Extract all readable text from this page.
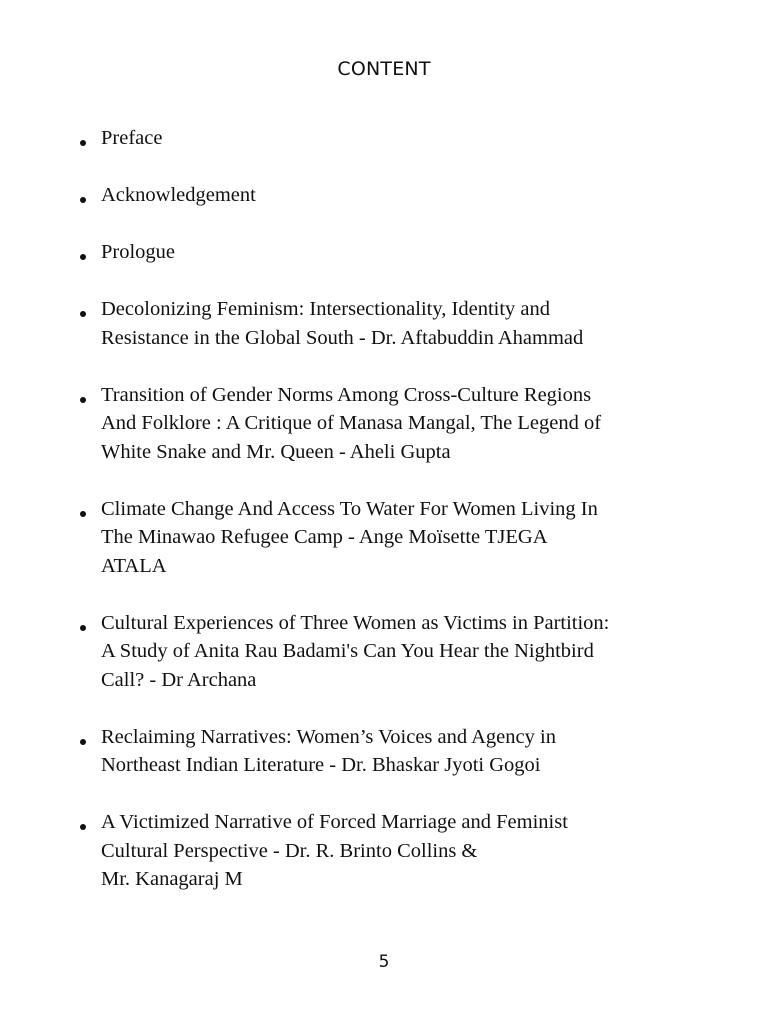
CONTENT
Preface
Acknowledgement
Prologue
Decolonizing Feminism: Intersectionality, Identity and
Resistance in the Global South - Dr. Aftabuddin Ahammad
Transition of Gender Norms Among Cross-Culture Regions
And Folklore : A Critique of Manasa Mangal, The Legend of
White Snake and Mr. Queen - Aheli Gupta
Climate Change And Access To Water For Women Living In
The Minawao Refugee Camp - Ange Moïsette TJEGA
ATALA
Cultural Experiences of Three Women as Victims in Partition:
A Study of Anita Rau Badami's Can You Hear the Nightbird
Call? - Dr Archana
Reclaiming Narratives: Women’s Voices and Agency in
Northeast Indian Literature - Dr. Bhaskar Jyoti Gogoi
A Victimized Narrative of Forced Marriage and Feminist
Cultural Perspective - Dr. R. Brinto Collins &
Mr. Kanagaraj M
5
